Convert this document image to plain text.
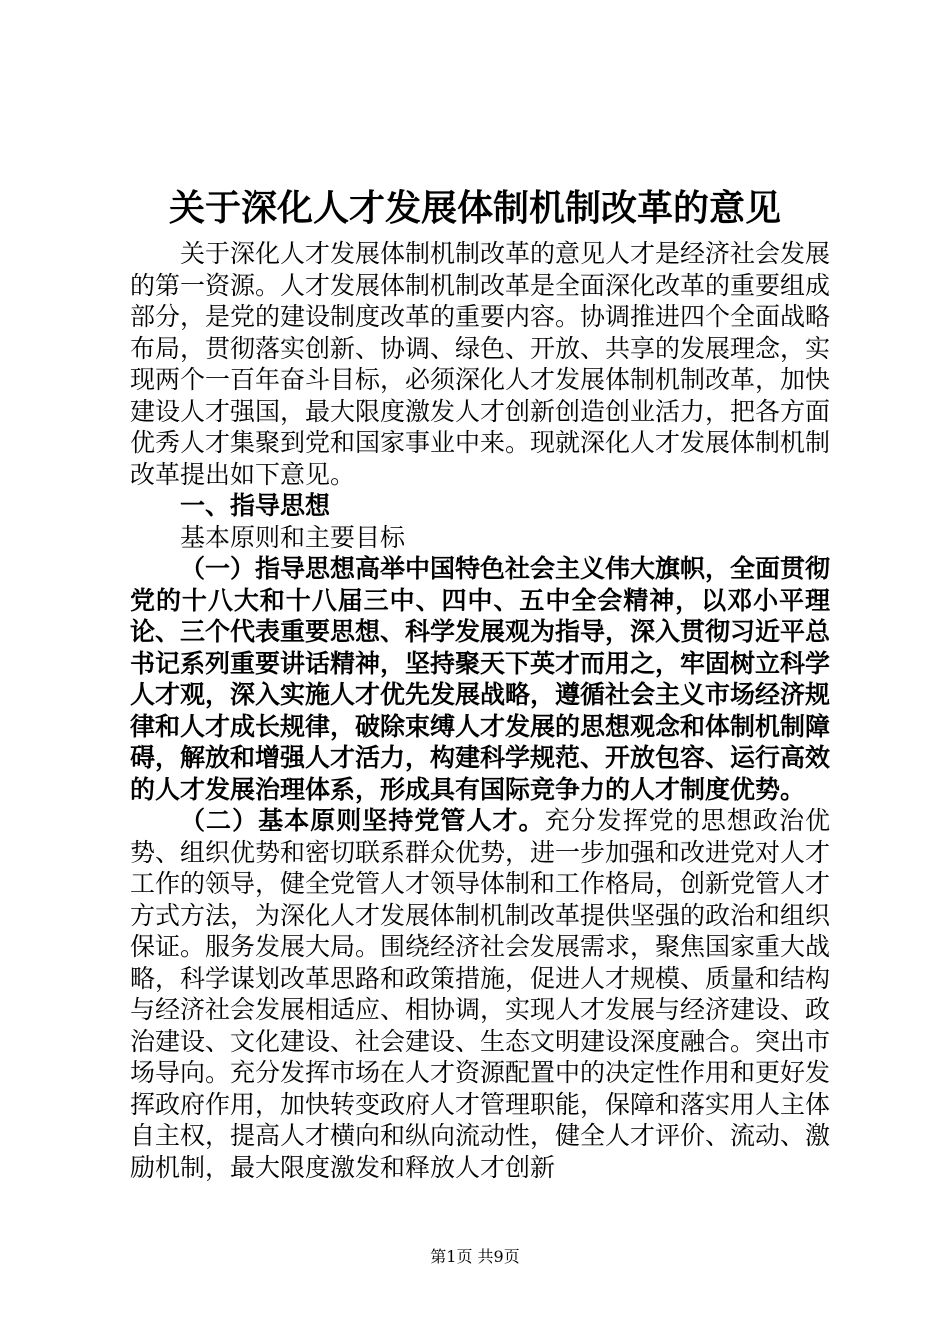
关于深化人才发展体制机制改革的意见

关于深化人才发展体制机制改革的意见人才是经济社会发展的第一资源。人才发展体制机制改革是全面深化改革的重要组成部分，是党的建设制度改革的重要内容。协调推进四个全面战略布局，贯彻落实创新、协调、绿色、开放、共享的发展理念，实现两个一百年奋斗目标，必须深化人才发展体制机制改革，加快建设人才强国，最大限度激发人才创新创造创业活力，把各方面优秀人才集聚到党和国家事业中来。现就深化人才发展体制机制改革提出如下意见。

一、指导思想

基本原则和主要目标

（一）指导思想高举中国特色社会主义伟大旗帜，全面贯彻党的十八大和十八届三中、四中、五中全会精神，以邓小平理论、三个代表重要思想、科学发展观为指导，深入贯彻习近平总书记系列重要讲话精神，坚持聚天下英才而用之，牢固树立科学人才观，深入实施人才优先发展战略，遵循社会主义市场经济规律和人才成长规律，破除束缚人才发展的思想观念和体制机制障碍，解放和增强人才活力，构建科学规范、开放包容、运行高效的人才发展治理体系，形成具有国际竞争力的人才制度优势。

（二）基本原则坚持党管人才。充分发挥党的思想政治优势、组织优势和密切联系群众优势，进一步加强和改进党对人才工作的领导，健全党管人才领导体制和工作格局，创新党管人才方式方法，为深化人才发展体制机制改革提供坚强的政治和组织保证。服务发展大局。围绕经济社会发展需求，聚焦国家重大战略，科学谋划改革思路和政策措施，促进人才规模、质量和结构与经济社会发展相适应、相协调，实现人才发展与经济建设、政治建设、文化建设、社会建设、生态文明建设深度融合。突出市场导向。充分发挥市场在人才资源配置中的决定性作用和更好发挥政府作用，加快转变政府人才管理职能，保障和落实用人主体自主权，提高人才横向和纵向流动性，健全人才评价、流动、激励机制，最大限度激发和释放人才创新

第1页 共9页
